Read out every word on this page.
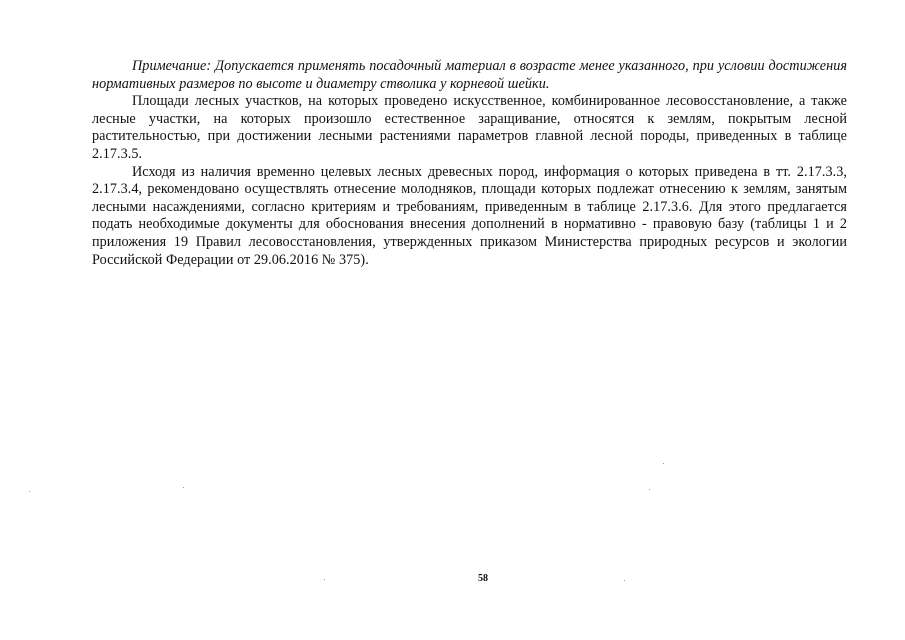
Примечание: Допускается применять посадочный материал в возрасте менее указанного, при условии достижения нормативных размеров по высоте и диаметру стволика у корневой шейки.

Площади лесных участков, на которых проведено искусственное, комбинированное лесовосстановление, а также лесные участки, на которых произошло естественное заращивание, относятся к землям, покрытым лесной растительностью, при достижении лесными растениями параметров главной лесной породы, приведенных в таблице 2.17.3.5.

Исходя из наличия временно целевых лесных древесных пород, информация о которых приведена в тт. 2.17.3.3, 2.17.3.4, рекомендовано осуществлять отнесение молодняков, площади которых подлежат отнесению к землям, занятым лесными насаждениями, согласно критериям и требованиям, приведенным в таблице 2.17.3.6. Для этого предлагается подать необходимые документы для обоснования внесения дополнений в нормативно - правовую базу (таблицы 1 и 2 приложения 19 Правил лесовосстановления, утвержденных приказом Министерства природных ресурсов и экологии Российской Федерации от 29.06.2016 № 375).

58
